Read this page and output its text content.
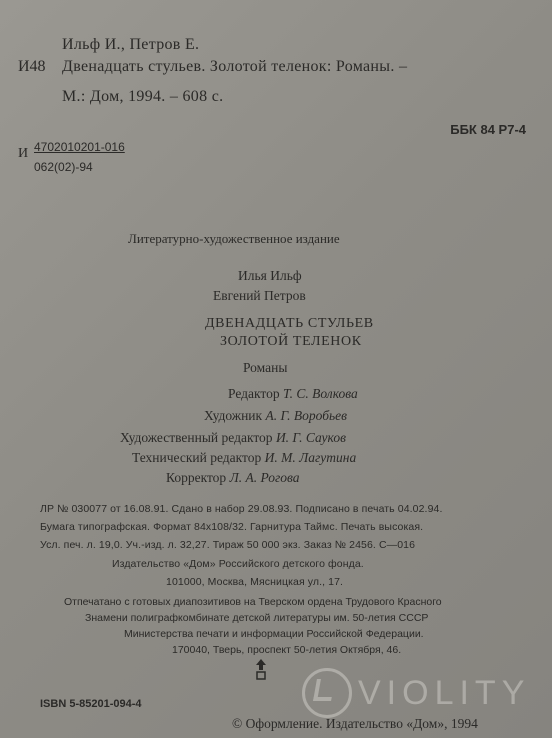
Ильф И., Петров Е.
И48 Двенадцать стульев. Золотой теленок: Романы. –
М.: Дом, 1994. – 608 с.
ББК 84 Р7-4
И 4702010201-016
062(02)-94
Литературно-художественное издание
Илья Ильф
Евгений Петров
ДВЕНАДЦАТЬ СТУЛЬЕВ
ЗОЛОТОЙ ТЕЛЕНОК
Романы
Редактор Т. С. Волкова
Художник А. Г. Воробьев
Художественный редактор И. Г. Сауков
Технический редактор И. М. Лагутина
Корректор Л. А. Рогова
ЛР № 030077 от 16.08.91. Сдано в набор 29.08.93. Подписано в печать 04.02.94.
Бумага типографская. Формат 84х108/32. Гарнитура Таймс. Печать высокая.
Усл. печ. л. 19,0. Уч.-изд. л. 32,27. Тираж 50 000 экз. Заказ № 2456. С—016
Издательство «Дом» Российского детского фонда.
101000, Москва, Мясницкая ул., 17.
Отпечатано с готовых диапозитивов на Тверском ордена Трудового Красного
Знамени полиграфкомбинате детской литературы им. 50-летия СССР
Министерства печати и информации Российской Федерации.
170040, Тверь, проспект 50-летия Октября, 46.
VIOLITY
ISBN 5-85201-094-4
© Оформление. Издательство «Дом», 1994
